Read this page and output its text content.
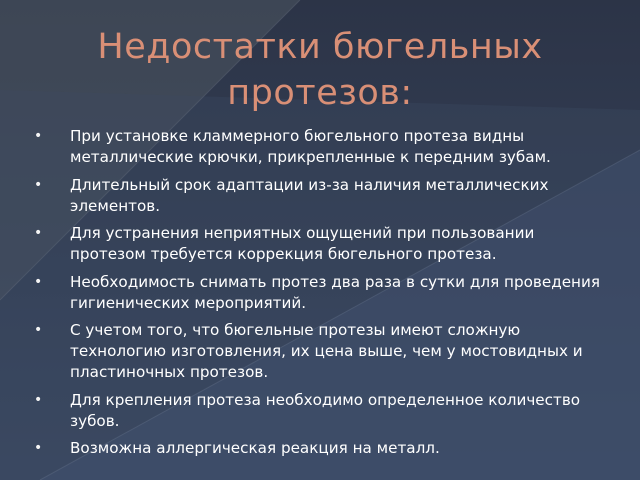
Недостатки бюгельных протезов:
• При установке кламмерного бюгельного протеза видны металлические крючки, прикрепленные к передним зубам.
• Длительный срок адаптации из-за наличия металлических элементов.
• Для устранения неприятных ощущений при пользовании протезом требуется коррекция бюгельного протеза.
• Необходимость снимать протез два раза в сутки для проведения гигиенических мероприятий.
• С учетом того, что бюгельные протезы имеют сложную технологию изготовления, их цена выше, чем у мостовидных и пластиночных протезов.
• Для крепления протеза необходимо определенное количество зубов.
• Возможна аллергическая реакция на металл.
